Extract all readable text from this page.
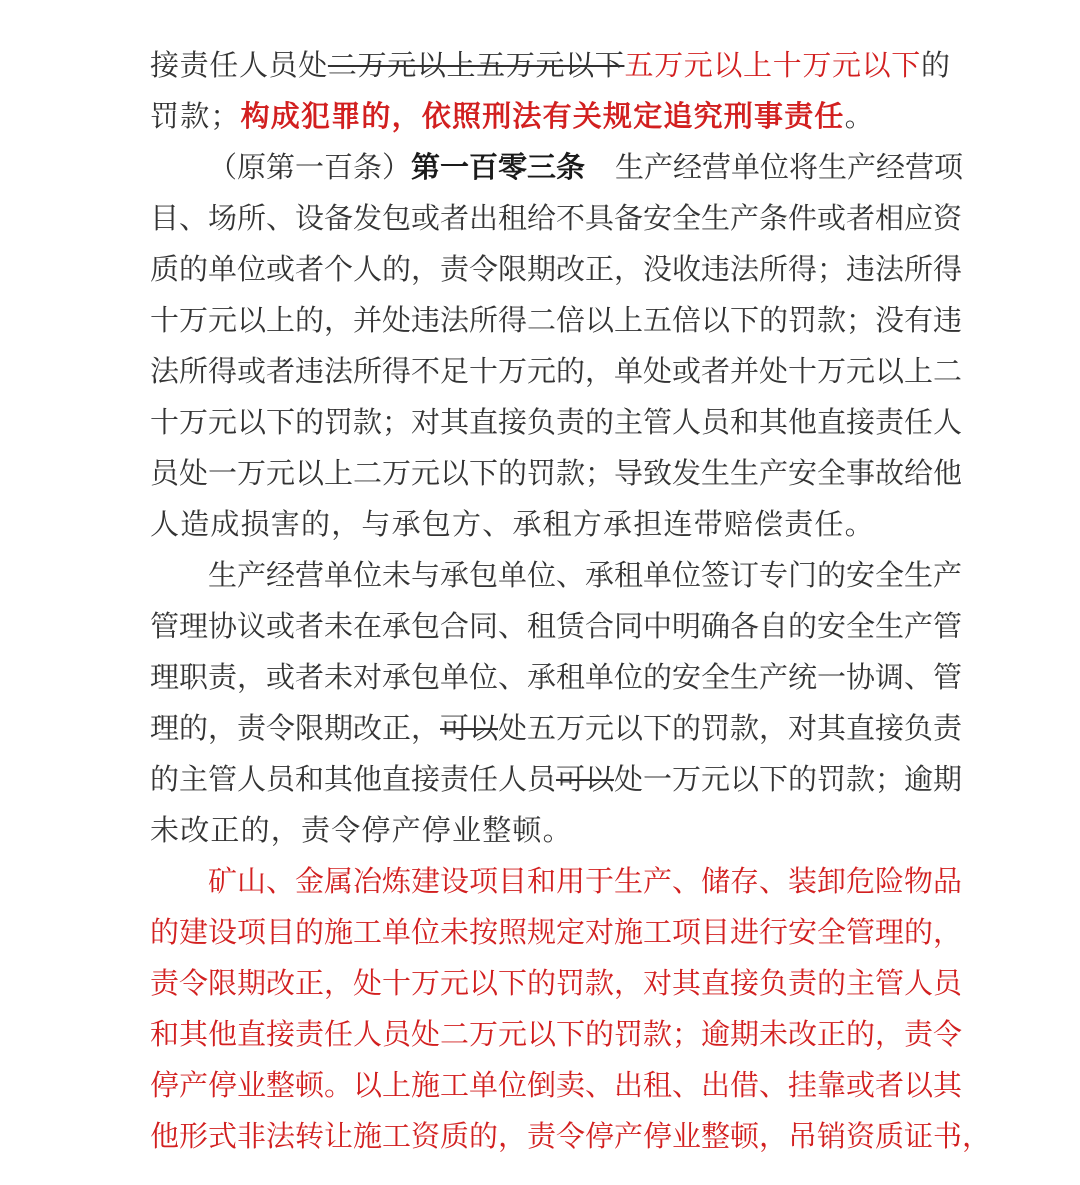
接责任人员处二万元以上五万元以下五万元以上十万元以下的
罚款；构成犯罪的，依照刑法有关规定追究刑事责任。
（原第一百条）第一百零三条 生产经营单位将生产经营项
目、场所、设备发包或者出租给不具备安全生产条件或者相应资
质的单位或者个人的，责令限期改正，没收违法所得；违法所得
十万元以上的，并处违法所得二倍以上五倍以下的罚款；没有违
法所得或者违法所得不足十万元的，单处或者并处十万元以上二
十万元以下的罚款；对其直接负责的主管人员和其他直接责任人
员处一万元以上二万元以下的罚款；导致发生生产安全事故给他
人造成损害的，与承包方、承租方承担连带赔偿责任。
生产经营单位未与承包单位、承租单位签订专门的安全生产
管理协议或者未在承包合同、租赁合同中明确各自的安全生产管
理职责，或者未对承包单位、承租单位的安全生产统一协调、管
理的，责令限期改正，可以处五万元以下的罚款，对其直接负责
的主管人员和其他直接责任人员可以处一万元以下的罚款；逾期
未改正的，责令停产停业整顿。
矿山、金属冶炼建设项目和用于生产、储存、装卸危险物品
的建设项目的施工单位未按照规定对施工项目进行安全管理的，
责令限期改正，处十万元以下的罚款，对其直接负责的主管人员
和其他直接责任人员处二万元以下的罚款；逾期未改正的，责令
停产停业整顿。以上施工单位倒卖、出租、出借、挂靠或者以其
他形式非法转让施工资质的，责令停产停业整顿，吊销资质证书，
